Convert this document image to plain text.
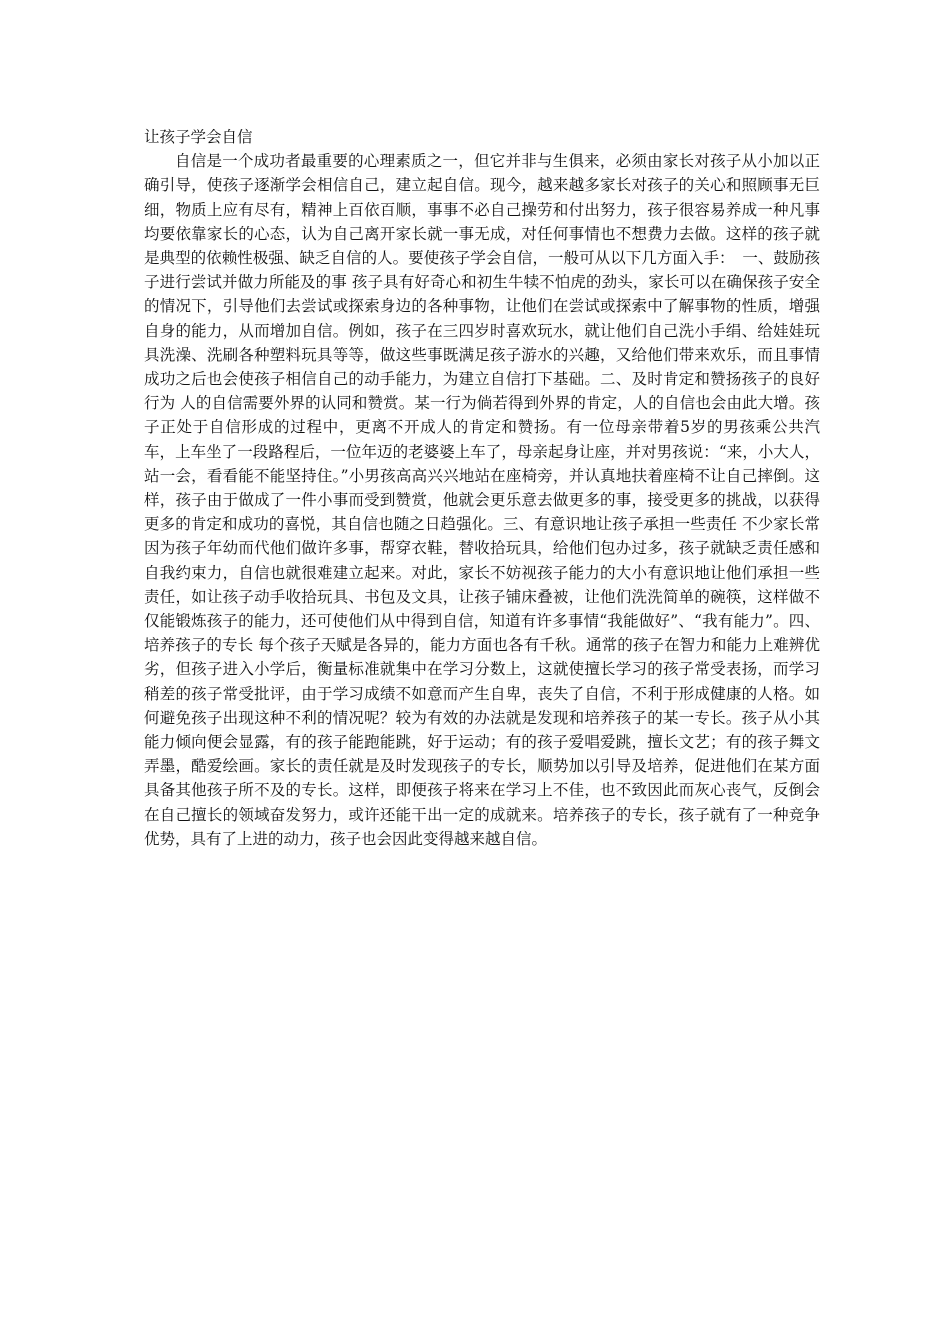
让孩子学会自信

自信是一个成功者最重要的心理素质之一，但它并非与生俱来，必须由家长对孩子从小加以正确引导，使孩子逐渐学会相信自己，建立起自信。现今，越来越多家长对孩子的关心和照顾事无巨细，物质上应有尽有，精神上百依百顺，事事不必自己操劳和付出努力，孩子很容易养成一种凡事均要依靠家长的心态，认为自己离开家长就一事无成，对任何事情也不想费力去做。这样的孩子就是典型的依赖性极强、缺乏自信的人。要使孩子学会自信，一般可从以下几方面入手：　一、鼓励孩子进行尝试并做力所能及的事 孩子具有好奇心和初生牛犊不怕虎的劲头，家长可以在确保孩子安全的情况下，引导他们去尝试或探索身边的各种事物，让他们在尝试或探索中了解事物的性质，增强自身的能力，从而增加自信。例如，孩子在三四岁时喜欢玩水，就让他们自己洗小手绢、给娃娃玩具洗澡、洗刷各种塑料玩具等等，做这些事既满足孩子游水的兴趣，又给他们带来欢乐，而且事情成功之后也会使孩子相信自己的动手能力，为建立自信打下基础。二、及时肯定和赞扬孩子的良好行为 人的自信需要外界的认同和赞赏。某一行为倘若得到外界的肯定，人的自信也会由此大增。孩子正处于自信形成的过程中，更离不开成人的肯定和赞扬。有一位母亲带着5岁的男孩乘公共汽车，上车坐了一段路程后，一位年迈的老婆婆上车了，母亲起身让座，并对男孩说：“来，小大人，站一会，看看能不能坚持住。”小男孩高高兴兴地站在座椅旁，并认真地扶着座椅不让自己摔倒。这样，孩子由于做成了一件小事而受到赞赏，他就会更乐意去做更多的事，接受更多的挑战，以获得更多的肯定和成功的喜悦，其自信也随之日趋强化。三、有意识地让孩子承担一些责任 不少家长常因为孩子年幼而代他们做许多事，帮穿衣鞋，替收拾玩具，给他们包办过多，孩子就缺乏责任感和自我约束力，自信也就很难建立起来。对此，家长不妨视孩子能力的大小有意识地让他们承担一些责任，如让孩子动手收拾玩具、书包及文具，让孩子铺床叠被，让他们洗洗简单的碗筷，这样做不仅能锻炼孩子的能力，还可使他们从中得到自信，知道有许多事情“我能做好”、“我有能力”。四、培养孩子的专长 每个孩子天赋是各异的，能力方面也各有千秋。通常的孩子在智力和能力上难辨优劣，但孩子进入小学后，衡量标准就集中在学习分数上，这就使擅长学习的孩子常受表扬，而学习稍差的孩子常受批评，由于学习成绩不如意而产生自卑，丧失了自信，不利于形成健康的人格。如何避免孩子出现这种不利的情况呢？较为有效的办法就是发现和培养孩子的某一专长。孩子从小其能力倾向便会显露，有的孩子能跑能跳，好于运动；有的孩子爱唱爱跳，擅长文艺；有的孩子舞文弄墨，酷爱绘画。家长的责任就是及时发现孩子的专长，顺势加以引导及培养，促进他们在某方面具备其他孩子所不及的专长。这样，即便孩子将来在学习上不佳，也不致因此而灰心丧气，反倒会在自己擅长的领域奋发努力，或许还能干出一定的成就来。培养孩子的专长，孩子就有了一种竞争优势，具有了上进的动力，孩子也会因此变得越来越自信。
